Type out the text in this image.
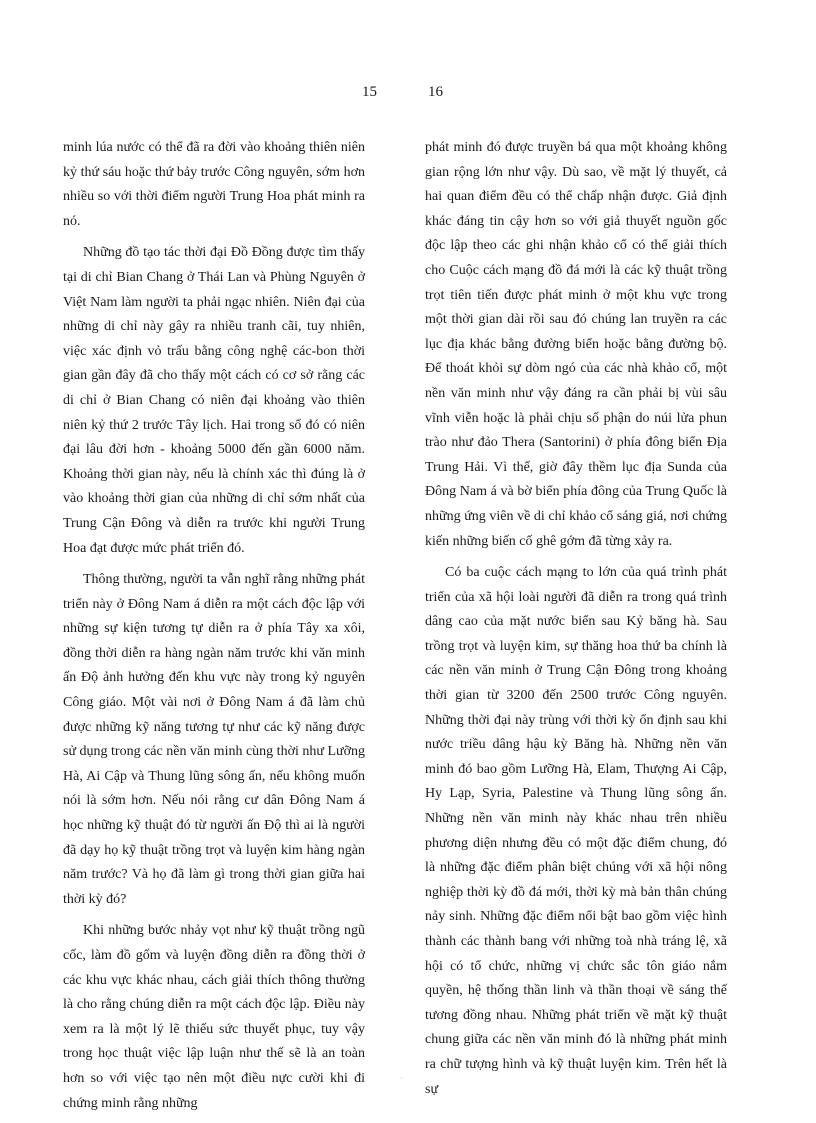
15	16

minh lúa nước có thể đã ra đời vào khoảng thiên niên kỷ thứ sáu hoặc thứ bảy trước Công nguyên, sớm hơn nhiều so với thời điểm người Trung Hoa phát minh ra nó.

Những đồ tạo tác thời đại Đồ Đồng được tìm thấy tại di chỉ Bian Chang ở Thái Lan và Phùng Nguyên ở Việt Nam làm người ta phải ngạc nhiên. Niên đại của những di chỉ này gây ra nhiều tranh cãi, tuy nhiên, việc xác định vỏ trấu bằng công nghệ các-bon thời gian gần đây đã cho thấy một cách có cơ sở rằng các di chỉ ở Bian Chang có niên đại khoảng vào thiên niên kỷ thứ 2 trước Tây lịch. Hai trong số đó có niên đại lâu đời hơn - khoảng 5000 đến gần 6000 năm. Khoảng thời gian này, nếu là chính xác thì đúng là ở vào khoảng thời gian của những di chỉ sớm nhất của Trung Cận Đông và diễn ra trước khi người Trung Hoa đạt được mức phát triển đó.

Thông thường, người ta vẫn nghĩ rằng những phát triển này ở Đông Nam á diễn ra một cách độc lập với những sự kiện tương tự diễn ra ở phía Tây xa xôi, đồng thời diễn ra hàng ngàn năm trước khi văn minh ấn Độ ảnh hưởng đến khu vực này trong kỷ nguyên Công giáo. Một vài nơi ở Đông Nam á đã làm chủ được những kỹ năng tương tự như các kỹ năng được sử dụng trong các nền văn minh cùng thời như Lưỡng Hà, Ai Cập và Thung lũng sông ấn, nếu không muốn nói là sớm hơn. Nếu nói rằng cư dân Đông Nam á học những kỹ thuật đó từ người ấn Độ thì ai là người đã dạy họ kỹ thuật trồng trọt và luyện kim hàng ngàn năm trước? Và họ đã làm gì trong thời gian giữa hai thời kỳ đó?

Khi những bước nhảy vọt như kỹ thuật trồng ngũ cốc, làm đồ gốm và luyện đồng diễn ra đồng thời ở các khu vực khác nhau, cách giải thích thông thường là cho rằng chúng diễn ra một cách độc lập. Điều này xem ra là một lý lẽ thiếu sức thuyết phục, tuy vậy trong học thuật việc lập luận như thế sẽ là an toàn hơn so với việc tạo nên một điều nực cười khi đi chứng minh rằng những

phát minh đó được truyền bá qua một khoảng không gian rộng lớn như vậy. Dù sao, về mặt lý thuyết, cả hai quan điểm đều có thể chấp nhận được. Giả định khác đáng tin cậy hơn so với giả thuyết nguồn gốc độc lập theo các ghi nhận khảo cổ có thể giải thích cho Cuộc cách mạng đồ đá mới là các kỹ thuật trồng trọt tiên tiến được phát minh ở một khu vực trong một thời gian dài rồi sau đó chúng lan truyền ra các lục địa khác bằng đường biển hoặc bằng đường bộ. Để thoát khỏi sự dòm ngó của các nhà khảo cổ, một nền văn minh như vậy đáng ra cần phải bị vùi sâu vĩnh viễn hoặc là phải chịu số phận do núi lửa phun trào như đảo Thera (Santorini) ở phía đông biển Địa Trung Hải. Vì thế, giờ đây thềm lục địa Sunda của Đông Nam á và bờ biển phía đông của Trung Quốc là những ứng viên về di chỉ khảo cổ sáng giá, nơi chứng kiến những biến cố ghê gớm đã từng xảy ra.

Có ba cuộc cách mạng to lớn của quá trình phát triển của xã hội loài người đã diễn ra trong quá trình dâng cao của mặt nước biển sau Kỷ băng hà. Sau trồng trọt và luyện kim, sự thăng hoa thứ ba chính là các nền văn minh ở Trung Cận Đông trong khoảng thời gian từ 3200 đến 2500 trước Công nguyên. Những thời đại này trùng với thời kỳ ổn định sau khi nước triều dâng hậu kỳ Băng hà. Những nền văn minh đó bao gồm Lưỡng Hà, Elam, Thượng Ai Cập, Hy Lạp, Syria, Palestine và Thung lũng sông ấn. Những nền văn minh này khác nhau trên nhiều phương diện nhưng đều có một đặc điểm chung, đó là những đặc điểm phân biệt chúng với xã hội nông nghiệp thời kỳ đồ đá mới, thời kỳ mà bản thân chúng nảy sinh. Những đặc điểm nổi bật bao gồm việc hình thành các thành bang với những toà nhà tráng lệ, xã hội có tổ chức, những vị chức sắc tôn giáo nắm quyền, hệ thống thần linh và thần thoại về sáng thế tương đồng nhau. Những phát triển về mặt kỹ thuật chung giữa các nền văn minh đó là những phát minh ra chữ tượng hình và kỹ thuật luyện kim. Trên hết là sự

·
